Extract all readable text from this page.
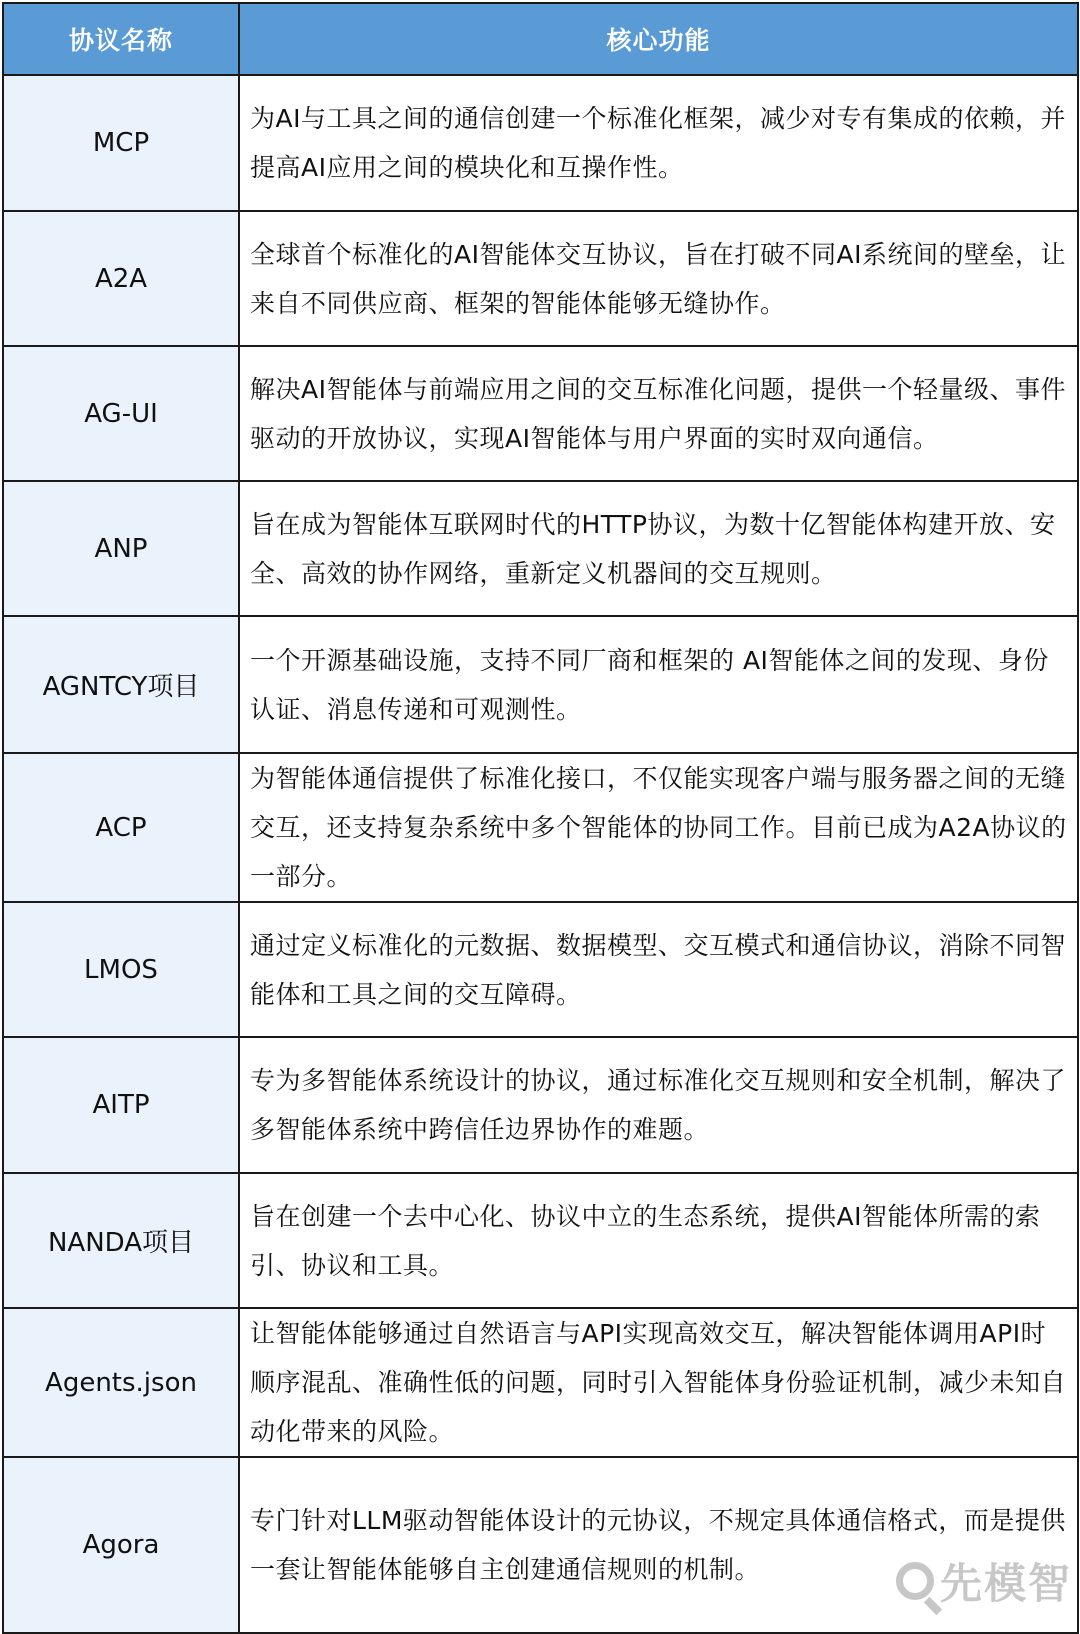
协议名称	核心功能
MCP	为AI与工具之间的通信创建一个标准化框架，减少对专有集成的依赖，并提高AI应用之间的模块化和互操作性。
A2A	全球首个标准化的AI智能体交互协议，旨在打破不同AI系统间的壁垒，让来自不同供应商、框架的智能体能够无缝协作。
AG-UI	解决AI智能体与前端应用之间的交互标准化问题，提供一个轻量级、事件驱动的开放协议，实现AI智能体与用户界面的实时双向通信。
ANP	旨在成为智能体互联网时代的HTTP协议，为数十亿智能体构建开放、安全、高效的协作网络，重新定义机器间的交互规则。
AGNTCY项目	一个开源基础设施，支持不同厂商和框架的 AI智能体之间的发现、身份认证、消息传递和可观测性。
ACP	为智能体通信提供了标准化接口，不仅能实现客户端与服务器之间的无缝交互，还支持复杂系统中多个智能体的协同工作。目前已成为A2A协议的一部分。
LMOS	通过定义标准化的元数据、数据模型、交互模式和通信协议，消除不同智能体和工具之间的交互障碍。
AITP	专为多智能体系统设计的协议，通过标准化交互规则和安全机制，解决了多智能体系统中跨信任边界协作的难题。
NANDA项目	旨在创建一个去中心化、协议中立的生态系统，提供AI智能体所需的索引、协议和工具。
Agents.json	让智能体能够通过自然语言与API实现高效交互，解决智能体调用API时顺序混乱、准确性低的问题，同时引入智能体身份验证机制，减少未知自动化带来的风险。
Agora	专门针对LLM驱动智能体设计的元协议，不规定具体通信格式，而是提供一套让智能体能够自主创建通信规则的机制。	先模智
